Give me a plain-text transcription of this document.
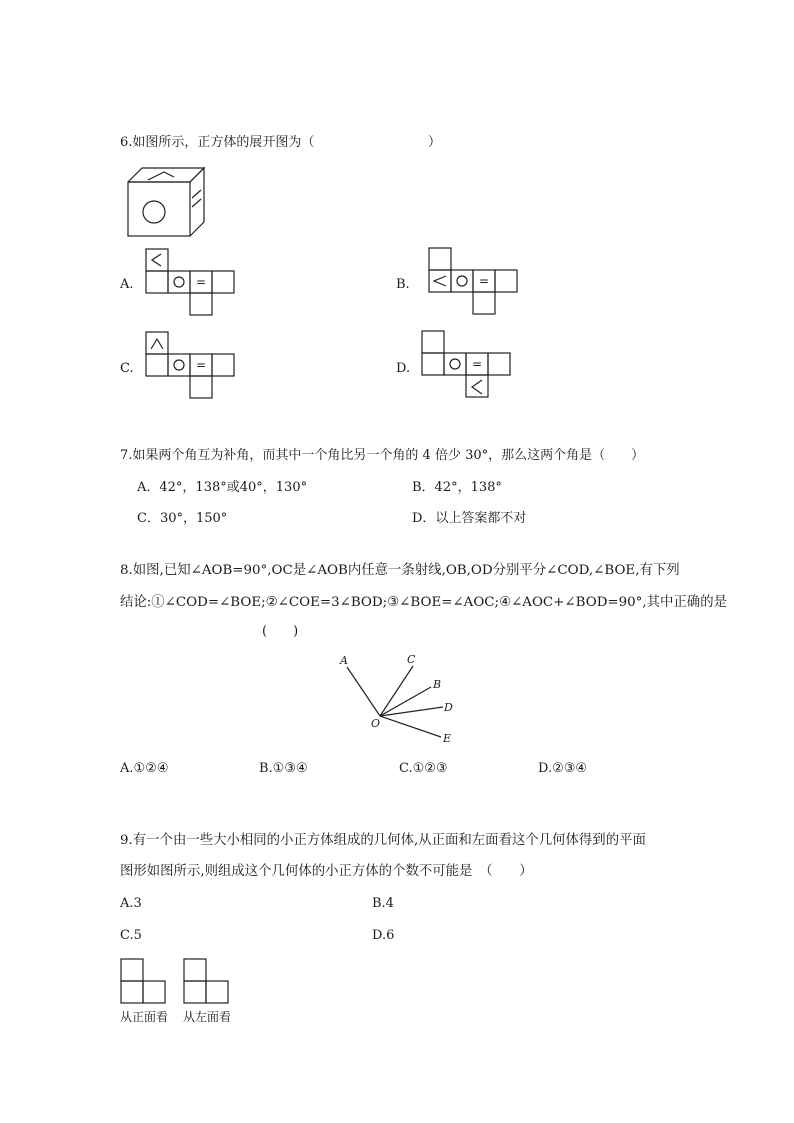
6.如图所示，正方体的展开图为（	）
A.	=	B.	=
C.	=	D.	=
7.如果两个角互为补角，而其中一个角比另一个角的 4 倍少 30°，那么这两个角是（　　）
A．42°，138°或40°，130°	B．42°，138°
C．30°，150°	D．以上答案都不对
8.如图,已知∠AOB=90°,OC是∠AOB内任意一条射线,OB,OD分别平分∠COD,∠BOE,有下列
结论:①∠COD=∠BOE;②∠COE=3∠BOD;③∠BOE=∠AOC;④∠AOC+∠BOD=90°,其中正确的是
(　　)
A	C
B
D
E
O
A.①②④	B.①③④	C.①②③	D.②③④
9.有一个由一些大小相同的小正方体组成的几何体,从正面和左面看这个几何体得到的平面
图形如图所示,则组成这个几何体的小正方体的个数不可能是　（　　）
A.3	B.4
C.5	D.6
从正面看 从左面看
